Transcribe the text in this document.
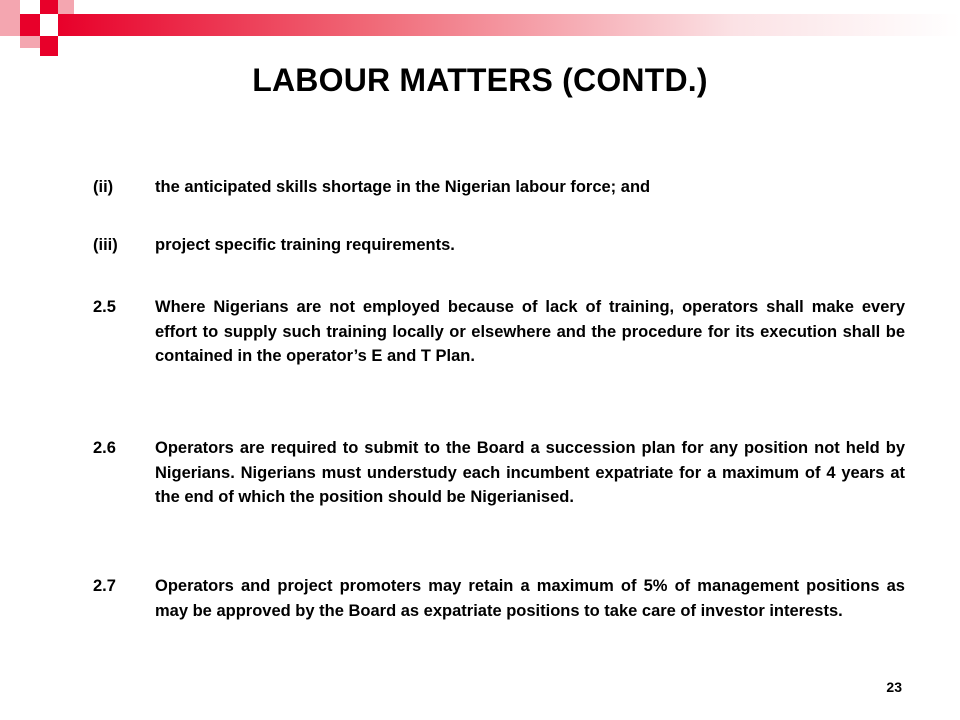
LABOUR MATTERS (CONTD.)
(ii)	the anticipated skills shortage in the Nigerian labour force; and
(iii)	project specific training requirements.
2.5	Where Nigerians are not employed because of lack of training, operators shall make every effort to supply such training locally or elsewhere and the procedure for its execution shall be contained in the operator’s E and T Plan.
2.6	Operators are required to submit to the Board a succession plan for any position not held by Nigerians. Nigerians must understudy each incumbent expatriate for a maximum of 4 years at the end of which the position should be Nigerianised.
2.7	Operators and project promoters may retain a maximum of 5% of management positions as may be approved by the Board as expatriate positions to take care of investor interests.
23
